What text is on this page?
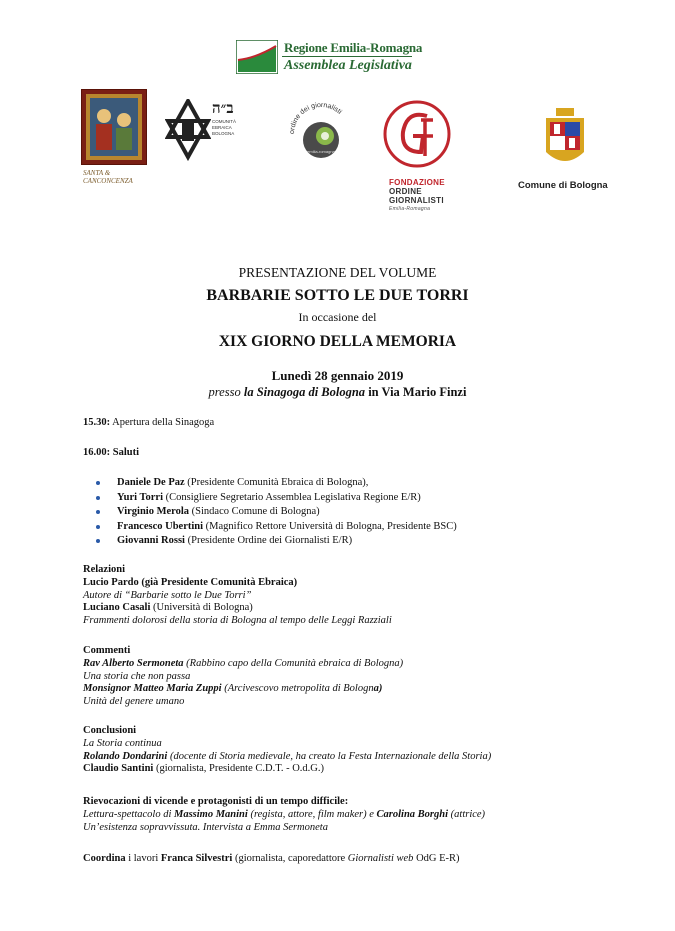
Regione Emilia-Romagna
Assemblea Legislativa
SANTA & CANCONCENZA
ב״ה
COMUNITÀ EBRAICA BOLOGNA	ordine dei giornalisti
emilia-romagna
FONDAZIONE
ORDINE
GIORNALISTI
Emilia-Romagna
Comune di Bologna
PRESENTAZIONE DEL VOLUME
BARBARIE SOTTO LE DUE TORRI
In occasione del
XIX GIORNO DELLA MEMORIA
Lunedì 28 gennaio 2019
presso la Sinagoga di Bologna in Via Mario Finzi
15.30: Apertura della Sinagoga
16.00: Saluti
Daniele De Paz (Presidente Comunità Ebraica di Bologna),
Yuri Torri (Consigliere Segretario Assemblea Legislativa Regione E/R)
Virginio Merola (Sindaco Comune di Bologna)
Francesco Ubertini (Magnifico Rettore Università di Bologna, Presidente BSC)
Giovanni Rossi (Presidente Ordine dei Giornalisti E/R)
Relazioni
Lucio Pardo (già Presidente Comunità Ebraica)
Autore di “Barbarie sotto le Due Torri”
Luciano Casali (Università di Bologna)
Frammenti dolorosi della storia di Bologna al tempo delle Leggi Razziali
Commenti
Rav Alberto Sermoneta (Rabbino capo della Comunità ebraica di Bologna)
Una storia che non passa
Monsignor Matteo Maria Zuppi (Arcivescovo metropolita di Bologna)
Unità del genere umano
Conclusioni
La Storia continua
Rolando Dondarini (docente di Storia medievale, ha creato la Festa Internazionale della Storia)
Claudio Santini (giornalista, Presidente C.D.T. - O.d.G.)
Rievocazioni di vicende e protagonisti di un tempo difficile:
Lettura-spettacolo di Massimo Manini (regista, attore, film maker) e Carolina Borghi (attrice)
Un’esistenza sopravvissuta. Intervista a Emma Sermoneta
Coordina i lavori Franca Silvestri (giornalista, caporedattore Giornalisti web OdG E-R)
